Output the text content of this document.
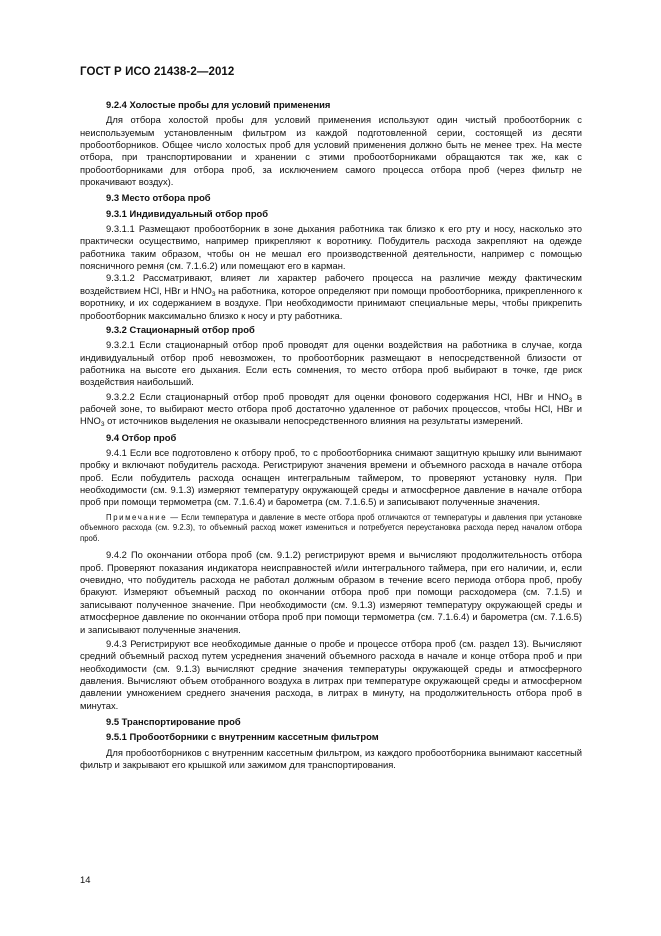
ГОСТ Р ИСО 21438-2—2012

9.2.4 Холостые пробы для условий применения

Для отбора холостой пробы для условий применения используют один чистый пробоотборник с неиспользуемым установленным фильтром из каждой подготовленной серии, состоящей из десяти пробоотборников. Общее число холостых проб для условий применения должно быть не менее трех. На месте отбора, при транспортировании и хранении с этими пробоотборниками обращаются так же, как с пробоотборниками для отбора проб, за исключением самого процесса отбора проб (через фильтр не прокачивают воздух).

9.3 Место отбора проб

9.3.1 Индивидуальный отбор проб

9.3.1.1 Размещают пробоотборник в зоне дыхания работника так близко к его рту и носу, насколько это практически осуществимо, например прикрепляют к воротнику. Побудитель расхода закрепляют на одежде работника таким образом, чтобы он не мешал его производственной деятельности, например с помощью поясничного ремня (см. 7.1.6.2) или помещают его в карман.

9.3.1.2 Рассматривают, влияет ли характер рабочего процесса на различие между фактическим воздействием HCl, HBr и $HNO_3$ на работника, которое определяют при помощи пробоотборника, прикрепленного к воротнику, и их содержанием в воздухе. При необходимости принимают специальные меры, чтобы прикрепить пробоотборник максимально близко к носу и рту работника.

9.3.2 Стационарный отбор проб

9.3.2.1 Если стационарный отбор проб проводят для оценки воздействия на работника в случае, когда индивидуальный отбор проб невозможен, то пробоотборник размещают в непосредственной близости от работника на высоте его дыхания. Если есть сомнения, то место отбора проб выбирают в точке, где риск воздействия наибольший.

9.3.2.2 Если стационарный отбор проб проводят для оценки фонового содержания HCl, HBr и $HNO_3$ в рабочей зоне, то выбирают место отбора проб достаточно удаленное от рабочих процессов, чтобы HCl, HBr и $HNO_3$ от источников выделения не оказывали непосредственного влияния на результаты измерений.

9.4 Отбор проб

9.4.1 Если все подготовлено к отбору проб, то с пробоотборника снимают защитную крышку или вынимают пробку и включают побудитель расхода. Регистрируют значения времени и объемного расхода в начале отбора проб. Если побудитель расхода оснащен интегральным таймером, то проверяют установку нуля. При необходимости (см. 9.1.3) измеряют температуру окружающей среды и атмосферное давление в начале отбора проб при помощи термометра (см. 7.1.6.4) и барометра (см. 7.1.6.5) и записывают полученные значения.

Примечание — Если температура и давление в месте отбора проб отличаются от температуры и давления при установке объемного расхода (см. 9.2.3), то объемный расход может измениться и потребуется переустановка расхода перед началом отбора проб.

9.4.2 По окончании отбора проб (см. 9.1.2) регистрируют время и вычисляют продолжительность отбора проб. Проверяют показания индикатора неисправностей и/или интегрального таймера, при его наличии, и, если очевидно, что побудитель расхода не работал должным образом в течение всего периода отбора проб, пробу бракуют. Измеряют объемный расход по окончании отбора проб при помощи расходомера (см. 7.1.5) и записывают полученное значение. При необходимости (см. 9.1.3) измеряют температуру окружающей среды и атмосферное давление по окончании отбора проб при помощи термометра (см. 7.1.6.4) и барометра (см. 7.1.6.5) и записывают полученные значения.

9.4.3 Регистрируют все необходимые данные о пробе и процессе отбора проб (см. раздел 13). Вычисляют средний объемный расход путем усреднения значений объемного расхода в начале и конце отбора проб и при необходимости (см. 9.1.3) вычисляют средние значения температуры окружающей среды и атмосферного давления. Вычисляют объем отобранного воздуха в литрах при температуре окружающей среды и атмосферном давлении умножением среднего значения расхода, в литрах в минуту, на продолжительность отбора проб в минутах.

9.5 Транспортирование проб

9.5.1 Пробоотборники с внутренним кассетным фильтром

Для пробоотборников с внутренним кассетным фильтром, из каждого пробоотборника вынимают кассетный фильтр и закрывают его крышкой или зажимом для транспортирования.

14
